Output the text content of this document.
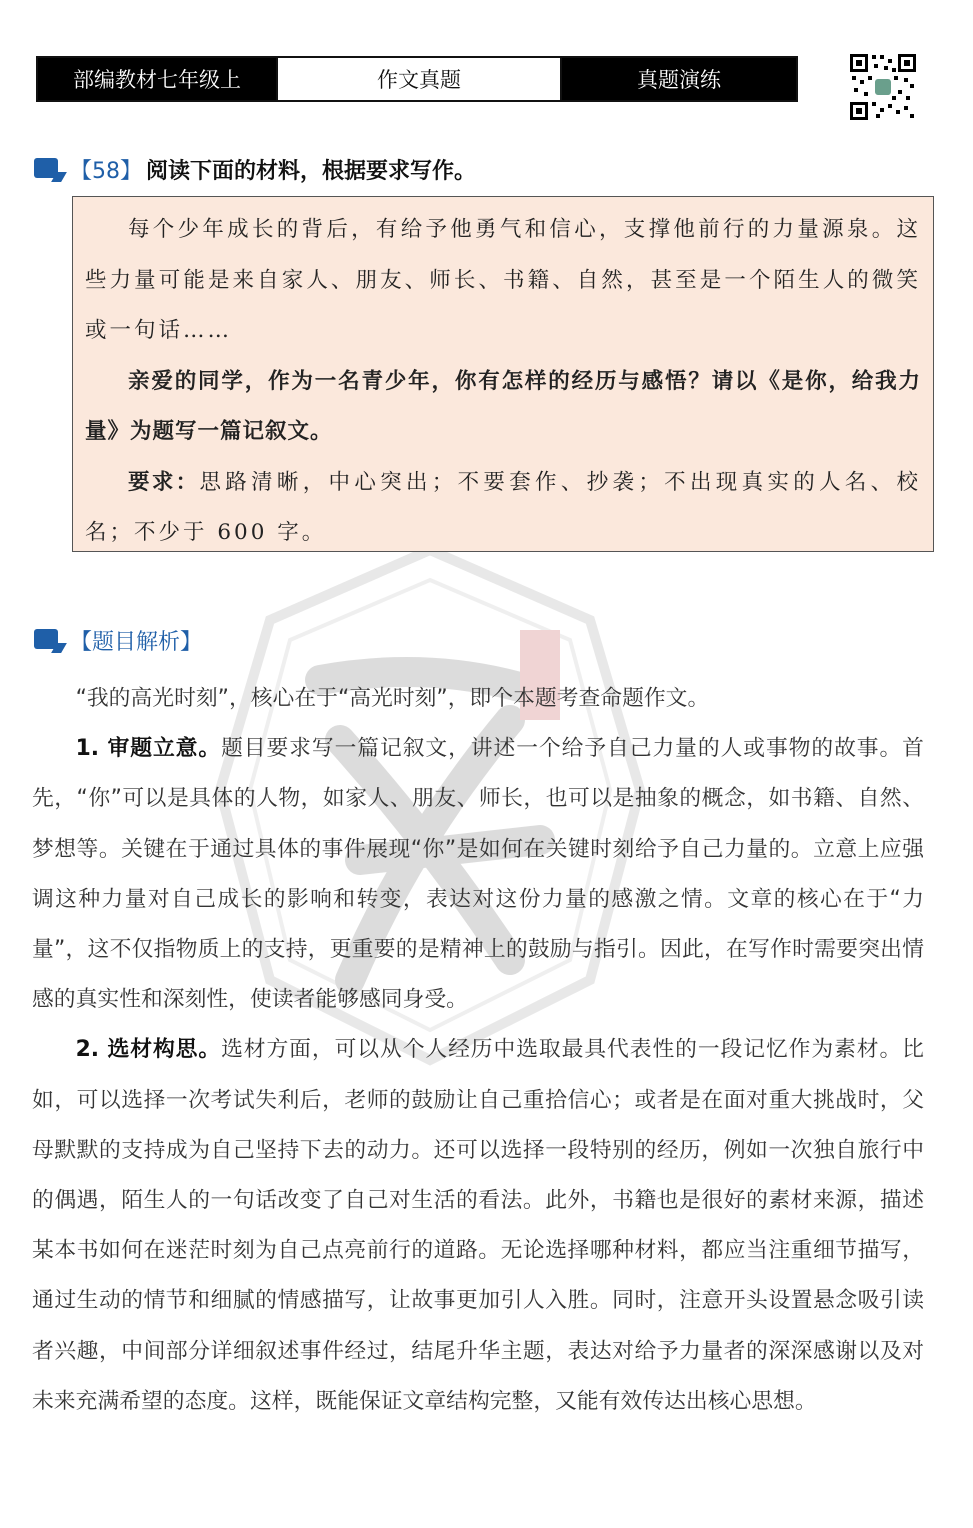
部编教材七年级上	作文真题	真题演练
【58】 阅读下面的材料，根据要求写作。

每个少年成长的背后，有给予他勇气和信心，支撑他前行的力量源泉。这些力量可能是来自家人、朋友、师长、书籍、自然，甚至是一个陌生人的微笑或一句话……

亲爱的同学，作为一名青少年，你有怎样的经历与感悟？请以《是你，给我力量》为题写一篇记叙文。

要求：思路清晰，中心突出；不要套作、抄袭；不出现真实的人名、校名；不少于 600 字。

【题目解析】

“我的高光时刻”，核心在于“高光时刻”，即个本题考查命题作文。

1. 审题立意。题目要求写一篇记叙文，讲述一个给予自己力量的人或事物的故事。首先，“你”可以是具体的人物，如家人、朋友、师长，也可以是抽象的概念，如书籍、自然、梦想等。关键在于通过具体的事件展现“你”是如何在关键时刻给予自己力量的。立意上应强调这种力量对自己成长的影响和转变，表达对这份力量的感激之情。文章的核心在于“力量”，这不仅指物质上的支持，更重要的是精神上的鼓励与指引。因此，在写作时需要突出情感的真实性和深刻性，使读者能够感同身受。

2. 选材构思。选材方面，可以从个人经历中选取最具代表性的一段记忆作为素材。比如，可以选择一次考试失利后，老师的鼓励让自己重拾信心；或者是在面对重大挑战时，父母默默的支持成为自己坚持下去的动力。还可以选择一段特别的经历，例如一次独自旅行中的偶遇，陌生人的一句话改变了自己对生活的看法。此外，书籍也是很好的素材来源，描述某本书如何在迷茫时刻为自己点亮前行的道路。无论选择哪种材料，都应当注重细节描写，通过生动的情节和细腻的情感描写，让故事更加引人入胜。同时，注意开头设置悬念吸引读者兴趣，中间部分详细叙述事件经过，结尾升华主题，表达对给予力量者的深深感谢以及对未来充满希望的态度。这样，既能保证文章结构完整，又能有效传达出核心思想。
